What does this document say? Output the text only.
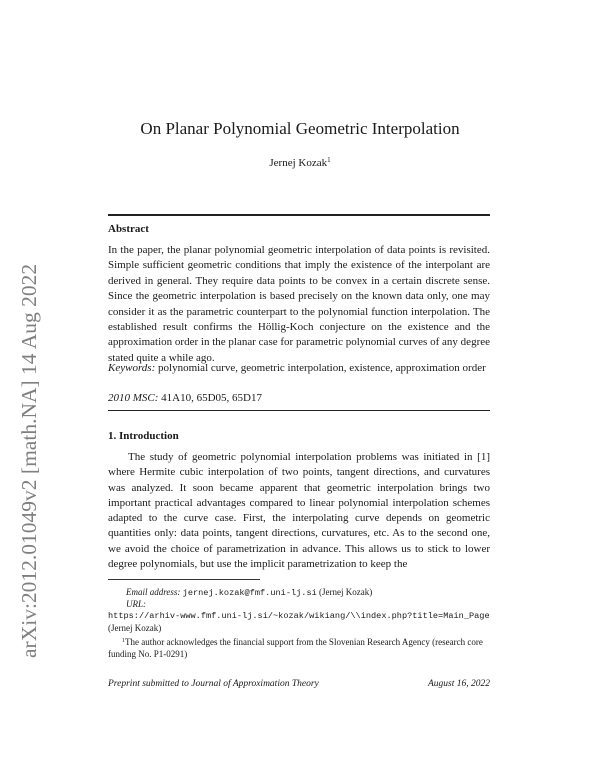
arXiv:2012.01049v2 [math.NA] 14 Aug 2022
On Planar Polynomial Geometric Interpolation
Jernej Kozak$^1$
Abstract
In the paper, the planar polynomial geometric interpolation of data points is revisited. Simple sufficient geometric conditions that imply the existence of the interpolant are derived in general. They require data points to be convex in a certain discrete sense. Since the geometric interpolation is based precisely on the known data only, one may consider it as the parametric counterpart to the polynomial function interpolation. The established result confirms the Höllig-Koch conjecture on the existence and the approximation order in the planar case for parametric polynomial curves of any degree stated quite a while ago.
Keywords: polynomial curve, geometric interpolation, existence, approximation order
2010 MSC: 41A10, 65D05, 65D17
1. Introduction
The study of geometric polynomial interpolation problems was initiated in [1] where Hermite cubic interpolation of two points, tangent directions, and curvatures was analyzed. It soon became apparent that geometric interpolation brings two important practical advantages compared to linear polynomial interpolation schemes adapted to the curve case. First, the interpolating curve depends on geometric quantities only: data points, tangent directions, curvatures, etc. As to the second one, we avoid the choice of parametrization in advance. This allows us to stick to lower degree polynomials, but use the implicit parametrization to keep the
Email address: jernej.kozak@fmf.uni-lj.si (Jernej Kozak)
URL:
https://arhiv-www.fmf.uni-lj.si/~kozak/wikiang/\\index.php?title=Main_Page
(Jernej Kozak)
$^1$The author acknowledges the financial support from the Slovenian Research Agency (research core funding No. P1-0291)
Preprint submitted to Journal of Approximation Theory	August 16, 2022
